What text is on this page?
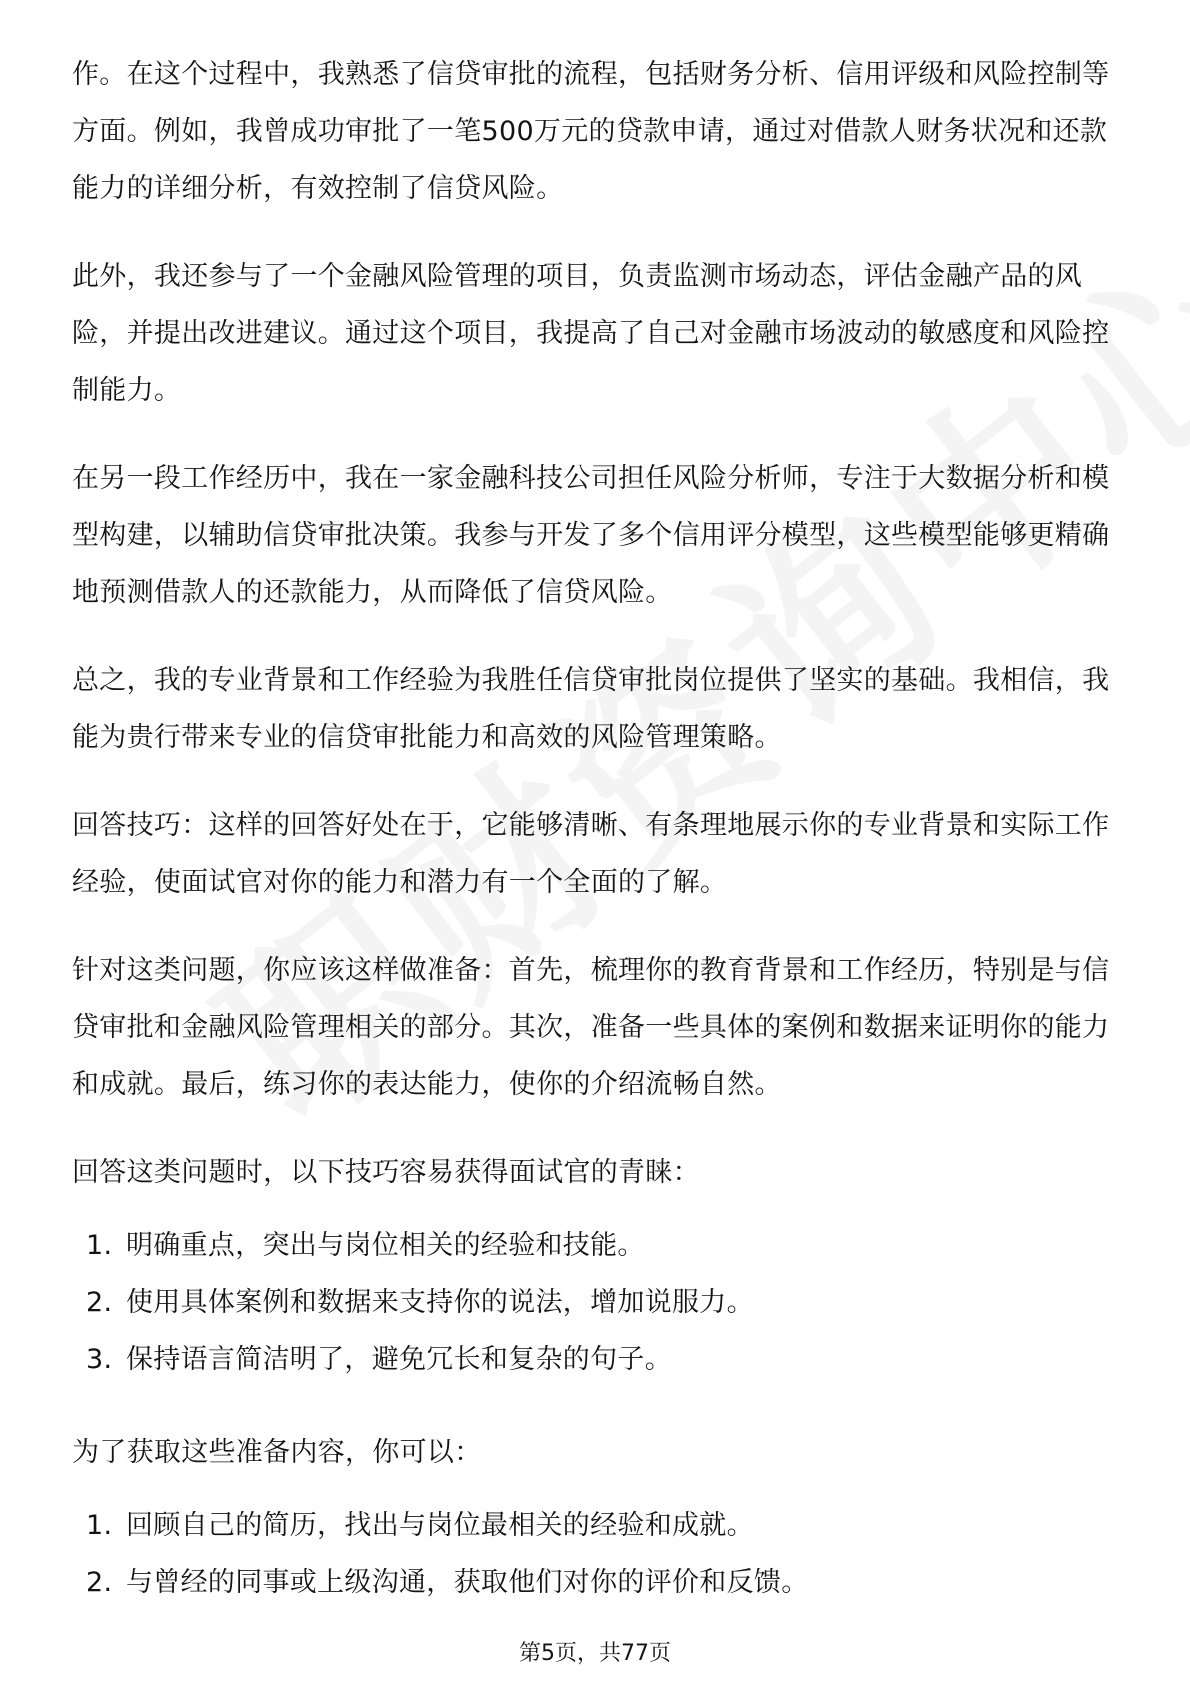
作。在这个过程中，我熟悉了信贷审批的流程，包括财务分析、信用评级和风险控制等方面。例如，我曾成功审批了一笔500万元的贷款申请，通过对借款人财务状况和还款能力的详细分析，有效控制了信贷风险。

此外，我还参与了一个金融风险管理的项目，负责监测市场动态，评估金融产品的风险，并提出改进建议。通过这个项目，我提高了自己对金融市场波动的敏感度和风险控制能力。

在另一段工作经历中，我在一家金融科技公司担任风险分析师，专注于大数据分析和模型构建，以辅助信贷审批决策。我参与开发了多个信用评分模型，这些模型能够更精确地预测借款人的还款能力，从而降低了信贷风险。

总之，我的专业背景和工作经验为我胜任信贷审批岗位提供了坚实的基础。我相信，我能为贵行带来专业的信贷审批能力和高效的风险管理策略。

回答技巧：这样的回答好处在于，它能够清晰、有条理地展示你的专业背景和实际工作经验，使面试官对你的能力和潜力有一个全面的了解。

针对这类问题，你应该这样做准备：首先，梳理你的教育背景和工作经历，特别是与信贷审批和金融风险管理相关的部分。其次，准备一些具体的案例和数据来证明你的能力和成就。最后，练习你的表达能力，使你的介绍流畅自然。

回答这类问题时，以下技巧容易获得面试官的青睐：

1. 明确重点，突出与岗位相关的经验和技能。
2. 使用具体案例和数据来支持你的说法，增加说服力。
3. 保持语言简洁明了，避免冗长和复杂的句子。

为了获取这些准备内容，你可以：

1. 回顾自己的简历，找出与岗位最相关的经验和成就。
2. 与曾经的同事或上级沟通，获取他们对你的评价和反馈。
第5页，共77页
